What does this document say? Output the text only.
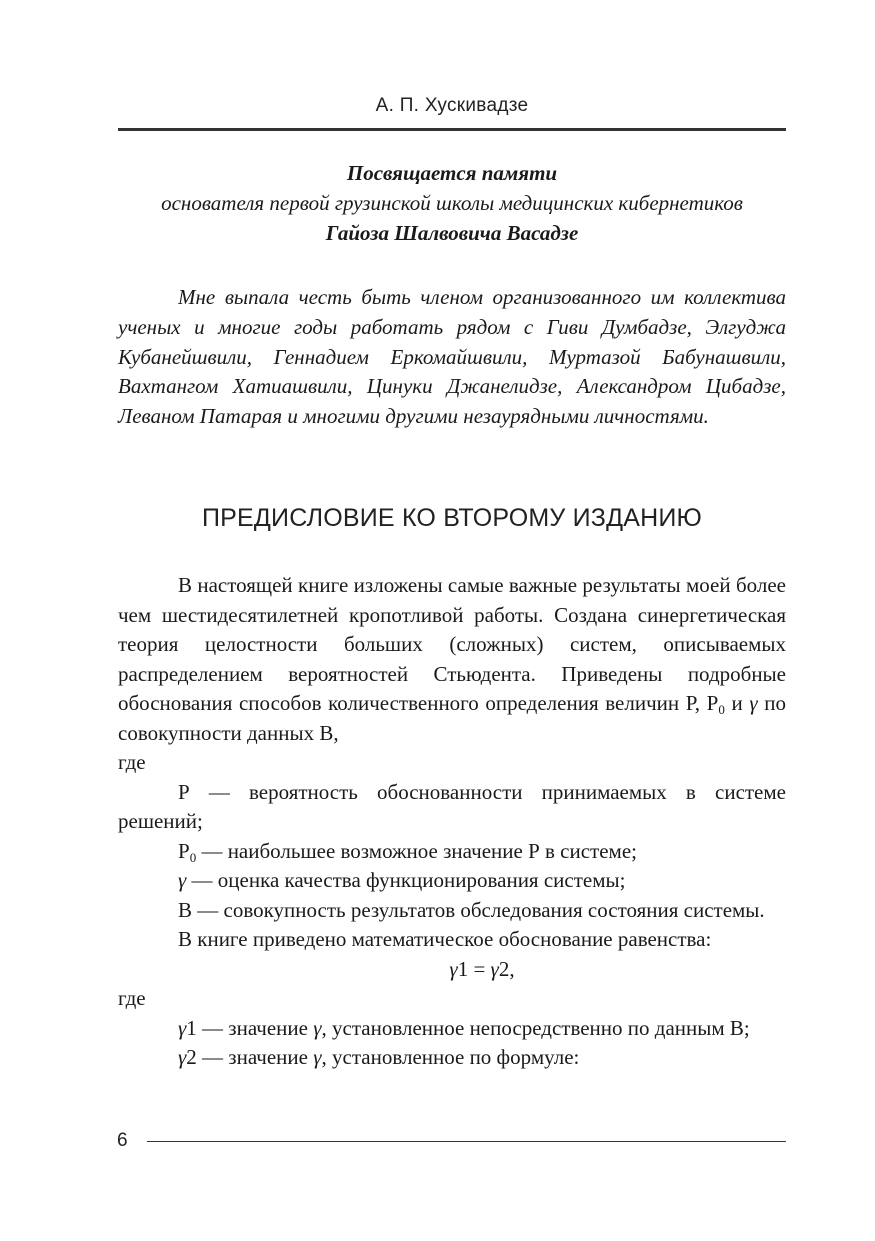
А. П. Хускивадзе
Посвящается памяти
основателя первой грузинской школы медицинских кибернетиков
Гайоза Шалвовича Васадзе
Мне выпала честь быть членом организованного им коллектива ученых и многие годы работать рядом с Гиви Думбадзе, Элгуджа Кубанейшвили, Геннадием Еркомайшвили, Муртазой Бабунашвили, Вахтангом Хатиашвили, Цинуки Джанелидзе, Александром Цибадзе, Леваном Патарая и многими другими незаурядными личностями.
ПРЕДИСЛОВИЕ КО ВТОРОМУ ИЗДАНИЮ

В настоящей книге изложены самые важные результаты моей более чем шестидесятилетней кропотливой работы. Создана синергетическая теория целостности больших (сложных) систем, описываемых распределением вероятностей Стьюдента. Приведены подробные обоснования способов количественного определения величин Р, $Р_0$ и γ по совокупности данных В,

где

Р — вероятность обоснованности принимаемых в системе решений;

$Р_0$ — наибольшее возможное значение Р в системе;

γ — оценка качества функционирования системы;

В — совокупность результатов обследования состояния системы.

В книге приведено математическое обоснование равенства:

γ1 = γ2,

где

γ1 — значение γ, установленное непосредственно по данным В;

γ2 — значение γ, установленное по формуле:

6
